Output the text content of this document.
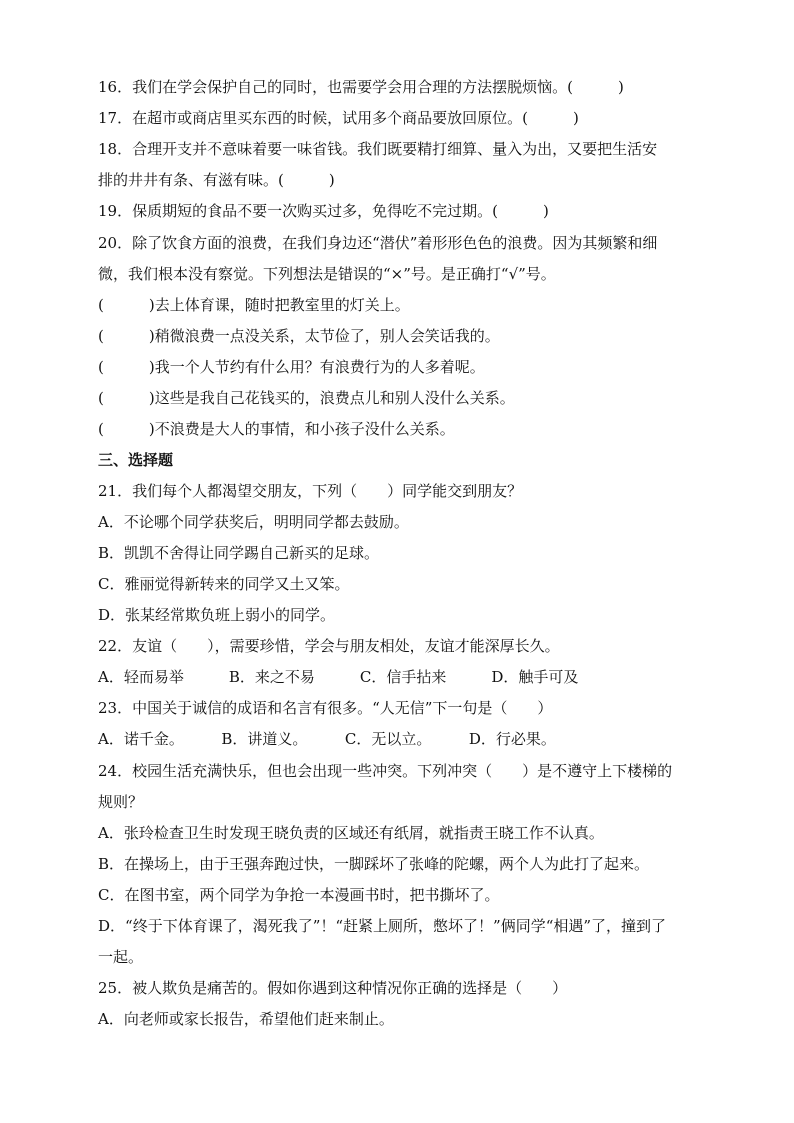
16．我们在学会保护自己的同时，也需要学会用合理的方法摆脱烦恼。(　　　)
17．在超市或商店里买东西的时候，试用多个商品要放回原位。(　　　)
18．合理开支并不意味着要一味省钱。我们既要精打细算、量入为出，又要把生活安
排的井井有条、有滋有味。(　　　)
19．保质期短的食品不要一次购买过多，免得吃不完过期。(　　　)
20．除了饮食方面的浪费，在我们身边还“潜伏”着形形色色的浪费。因为其频繁和细
微，我们根本没有察觉。下列想法是错误的“×”号。是正确打“√”号。
(　　　)去上体育课，随时把教室里的灯关上。
(　　　)稍微浪费一点没关系，太节俭了，别人会笑话我的。
(　　　)我一个人节约有什么用？有浪费行为的人多着呢。
(　　　)这些是我自己花钱买的，浪费点儿和别人没什么关系。
(　　　)不浪费是大人的事情，和小孩子没什么关系。
三、选择题
21．我们每个人都渴望交朋友，下列（　　）同学能交到朋友？
A．不论哪个同学获奖后，明明同学都去鼓励。
B．凯凯不舍得让同学踢自己新买的足球。
C．雅丽觉得新转来的同学又土又笨。
D．张某经常欺负班上弱小的同学。
22．友谊（　　），需要珍惜，学会与朋友相处，友谊才能深厚长久。
A．轻而易举　　　B．来之不易　　　C．信手拈来　　　D．触手可及
23．中国关于诚信的成语和名言有很多。“人无信”下一句是（　　）
A．诺千金。　　　B．讲道义。　　　C．无以立。　　　D．行必果。
24．校园生活充满快乐，但也会出现一些冲突。下列冲突（　　）是不遵守上下楼梯的
规则？
A．张玲检查卫生时发现王晓负责的区域还有纸屑，就指责王晓工作不认真。
B．在操场上，由于王强奔跑过快，一脚踩坏了张峰的陀螺，两个人为此打了起来。
C．在图书室，两个同学为争抢一本漫画书时，把书撕坏了。
D．“终于下体育课了，渴死我了”！“赶紧上厕所，憋坏了！”俩同学“相遇”了，撞到了
一起。
25．被人欺负是痛苦的。假如你遇到这种情况你正确的选择是（　　）
A．向老师或家长报告，希望他们赶来制止。
